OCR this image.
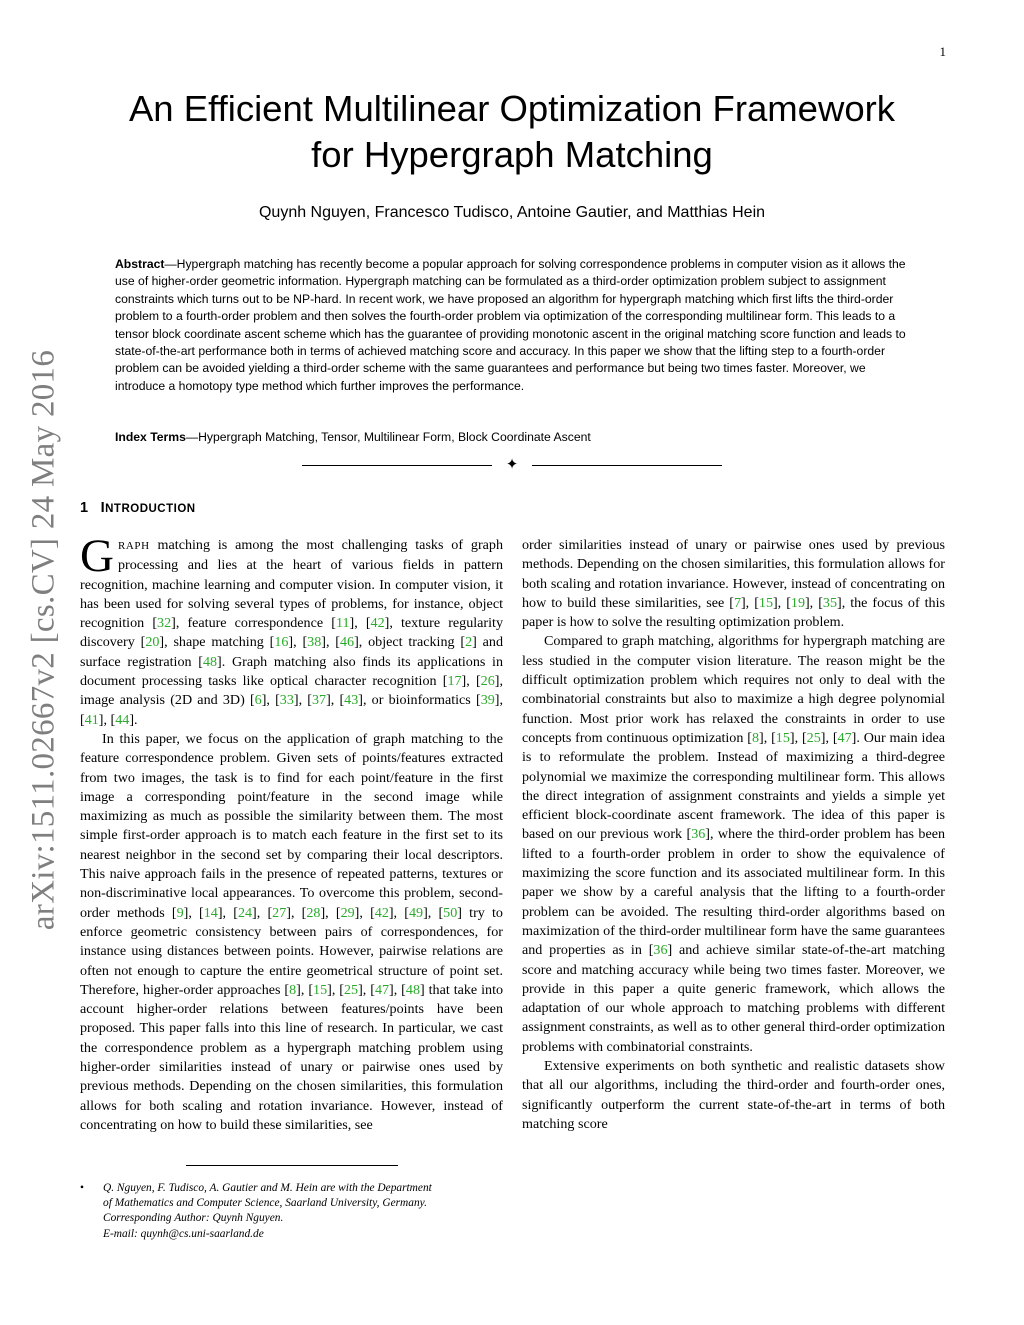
1
arXiv:1511.02667v2 [cs.CV] 24 May 2016
An Efficient Multilinear Optimization Framework
for Hypergraph Matching
Quynh Nguyen, Francesco Tudisco, Antoine Gautier, and Matthias Hein
Abstract—Hypergraph matching has recently become a popular approach for solving correspondence problems in computer vision as it allows the use of higher-order geometric information. Hypergraph matching can be formulated as a third-order optimization problem subject to assignment constraints which turns out to be NP-hard. In recent work, we have proposed an algorithm for hypergraph matching which first lifts the third-order problem to a fourth-order problem and then solves the fourth-order problem via optimization of the corresponding multilinear form. This leads to a tensor block coordinate ascent scheme which has the guarantee of providing monotonic ascent in the original matching score function and leads to state-of-the-art performance both in terms of achieved matching score and accuracy. In this paper we show that the lifting step to a fourth-order problem can be avoided yielding a third-order scheme with the same guarantees and performance but being two times faster. Moreover, we introduce a homotopy type method which further improves the performance.
Index Terms—Hypergraph Matching, Tensor, Multilinear Form, Block Coordinate Ascent
✦
1 INTRODUCTION

GRAPH matching is among the most challenging tasks of graph processing and lies at the heart of various fields in pattern recognition, machine learning and computer vision. In computer vision, it has been used for solving several types of problems, for instance, object recognition [32], feature correspondence [11], [42], texture regularity discovery [20], shape matching [16], [38], [46], object tracking [2] and surface registration [48]. Graph matching also finds its applications in document processing tasks like optical character recognition [17], [26], image analysis (2D and 3D) [6], [33], [37], [43], or bioinformatics [39], [41], [44].

In this paper, we focus on the application of graph matching to the feature correspondence problem. Given sets of points/features extracted from two images, the task is to find for each point/feature in the first image a corresponding point/feature in the second image while maximizing as much as possible the similarity between them. The most simple first-order approach is to match each feature in the first set to its nearest neighbor in the second set by comparing their local descriptors. This naive approach fails in the presence of repeated patterns, textures or non-discriminative local appearances. To overcome this problem, second-order methods [9], [14], [24], [27], [28], [29], [42], [49], [50] try to enforce geometric consistency between pairs of correspondences, for instance using distances between points. However, pairwise relations are often not enough to capture the entire geometrical structure of point set. Therefore, higher-order approaches [8], [15], [25], [47], [48] that take into account higher-order relations between features/points have been proposed. This paper falls into this line of research. In particular, we cast the correspondence problem as a hypergraph matching problem using higher-order similarities instead of unary or pairwise ones used by previous methods. Depending on the chosen similarities, this formulation allows for both scaling and rotation invariance. However, instead of concentrating on how to build these similarities, see

order similarities instead of unary or pairwise ones used by previous methods. Depending on the chosen similarities, this formulation allows for both scaling and rotation invariance. However, instead of concentrating on how to build these similarities, see [7], [15], [19], [35], the focus of this paper is how to solve the resulting optimization problem.

Compared to graph matching, algorithms for hypergraph matching are less studied in the computer vision literature. The reason might be the difficult optimization problem which requires not only to deal with the combinatorial constraints but also to maximize a high degree polynomial function. Most prior work has relaxed the constraints in order to use concepts from continuous optimization [8], [15], [25], [47]. Our main idea is to reformulate the problem. Instead of maximizing a third-degree polynomial we maximize the corresponding multilinear form. This allows the direct integration of assignment constraints and yields a simple yet efficient block-coordinate ascent framework. The idea of this paper is based on our previous work [36], where the third-order problem has been lifted to a fourth-order problem in order to show the equivalence of maximizing the score function and its associated multilinear form. In this paper we show by a careful analysis that the lifting to a fourth-order problem can be avoided. The resulting third-order algorithms based on maximization of the third-order multilinear form have the same guarantees and properties as in [36] and achieve similar state-of-the-art matching score and matching accuracy while being two times faster. Moreover, we provide in this paper a quite generic framework, which allows the adaptation of our whole approach to matching problems with different assignment constraints, as well as to other general third-order optimization problems with combinatorial constraints.

Extensive experiments on both synthetic and realistic datasets show that all our algorithms, including the third-order and fourth-order ones, significantly outperform the current state-of-the-art in terms of both matching score

• Q. Nguyen, F. Tudisco, A. Gautier and M. Hein are with the Department
of Mathematics and Computer Science, Saarland University, Germany.
Corresponding Author: Quynh Nguyen.
E-mail: quynh@cs.uni-saarland.de
